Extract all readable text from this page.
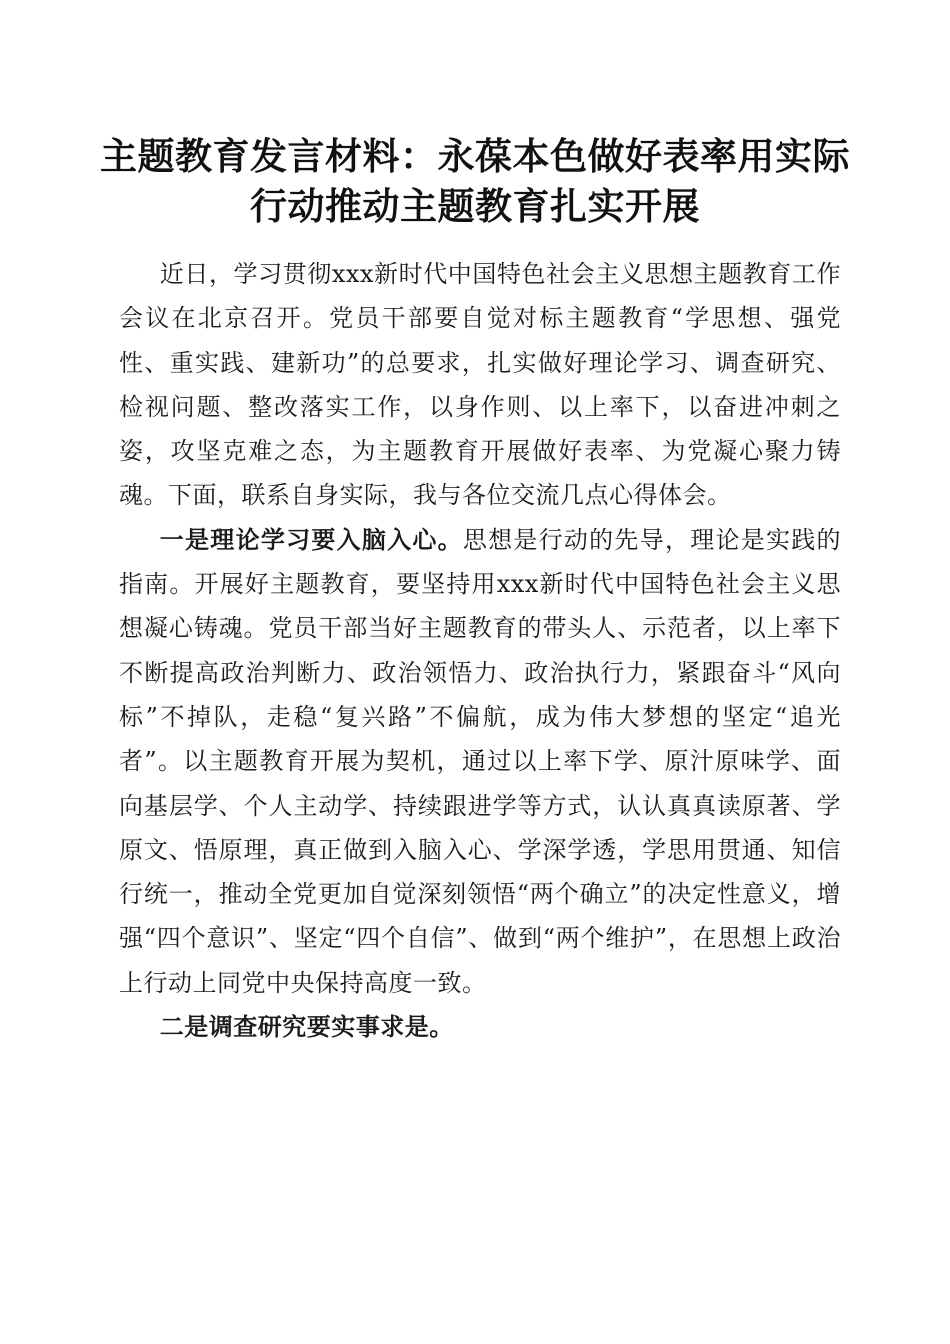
主题教育发言材料：永葆本色做好表率用实际
行动推动主题教育扎实开展

近日，学习贯彻xxx新时代中国特色社会主义思想主题教育工作会议在北京召开。党员干部要自觉对标主题教育“学思想、强党性、重实践、建新功”的总要求，扎实做好理论学习、调查研究、检视问题、整改落实工作，以身作则、以上率下，以奋进冲刺之姿，攻坚克难之态，为主题教育开展做好表率、为党凝心聚力铸魂。下面，联系自身实际，我与各位交流几点心得体会。

一是理论学习要入脑入心。思想是行动的先导，理论是实践的指南。开展好主题教育，要坚持用xxx新时代中国特色社会主义思想凝心铸魂。党员干部当好主题教育的带头人、示范者，以上率下不断提高政治判断力、政治领悟力、政治执行力，紧跟奋斗“风向标”不掉队，走稳“复兴路”不偏航，成为伟大梦想的坚定“追光者”。以主题教育开展为契机，通过以上率下学、原汁原味学、面向基层学、个人主动学、持续跟进学等方式，认认真真读原著、学原文、悟原理，真正做到入脑入心、学深学透，学思用贯通、知信行统一，推动全党更加自觉深刻领悟“两个确立”的决定性意义，增强“四个意识”、坚定“四个自信”、做到“两个维护”，在思想上政治上行动上同党中央保持高度一致。

二是调查研究要实事求是。
